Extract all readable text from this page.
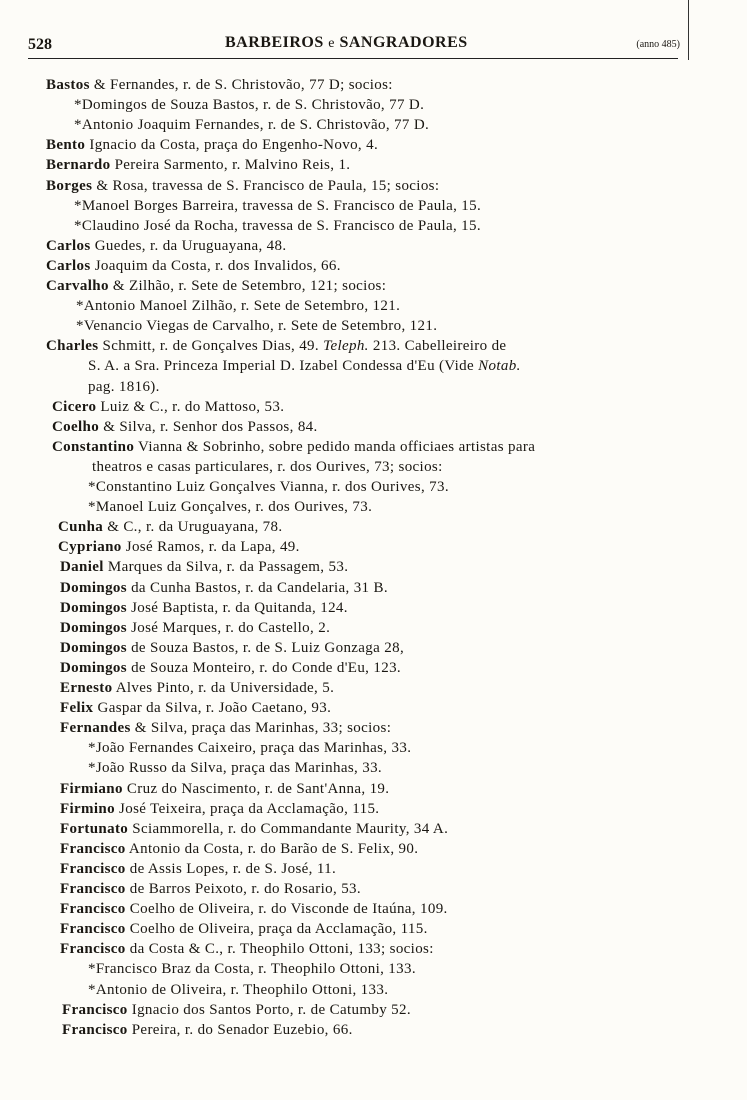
528	BARBEIROS e SANGRADORES	(anno 485)
Bastos & Fernandes, r. de S. Christovão, 77 D; socios:
*Domingos de Souza Bastos, r. de S. Christovão, 77 D.
*Antonio Joaquim Fernandes, r. de S. Christovão, 77 D.
Bento Ignacio da Costa, praça do Engenho-Novo, 4.
Bernardo Pereira Sarmento, r. Malvino Reis, 1.
Borges & Rosa, travessa de S. Francisco de Paula, 15; socios:
*Manoel Borges Barreira, travessa de S. Francisco de Paula, 15.
*Claudino José da Rocha, travessa de S. Francisco de Paula, 15.
Carlos Guedes, r. da Uruguayana, 48.
Carlos Joaquim da Costa, r. dos Invalidos, 66.
Carvalho & Zilhão, r. Sete de Setembro, 121; socios:
*Antonio Manoel Zilhão, r. Sete de Setembro, 121.
*Venancio Viegas de Carvalho, r. Sete de Setembro, 121.
Charles Schmitt, r. de Gonçalves Dias, 49. Teleph. 213. Cabelleireiro de
S. A. a Sra. Princeza Imperial D. Izabel Condessa d'Eu (Vide Notab.
pag. 1816).
Cicero Luiz & C., r. do Mattoso, 53.
Coelho & Silva, r. Senhor dos Passos, 84.
Constantino Vianna & Sobrinho, sobre pedido manda officiaes artistas para
theatros e casas particulares, r. dos Ourives, 73; socios:
*Constantino Luiz Gonçalves Vianna, r. dos Ourives, 73.
*Manoel Luiz Gonçalves, r. dos Ourives, 73.
Cunha & C., r. da Uruguayana, 78.
Cypriano José Ramos, r. da Lapa, 49.
Daniel Marques da Silva, r. da Passagem, 53.
Domingos da Cunha Bastos, r. da Candelaria, 31 B.
Domingos José Baptista, r. da Quitanda, 124.
Domingos José Marques, r. do Castello, 2.
Domingos de Souza Bastos, r. de S. Luiz Gonzaga 28,
Domingos de Souza Monteiro, r. do Conde d'Eu, 123.
Ernesto Alves Pinto, r. da Universidade, 5.
Felix Gaspar da Silva, r. João Caetano, 93.
Fernandes & Silva, praça das Marinhas, 33; socios:
*João Fernandes Caixeiro, praça das Marinhas, 33.
*João Russo da Silva, praça das Marinhas, 33.
Firmiano Cruz do Nascimento, r. de Sant'Anna, 19.
Firmino José Teixeira, praça da Acclamação, 115.
Fortunato Sciammorella, r. do Commandante Maurity, 34 A.
Francisco Antonio da Costa, r. do Barão de S. Felix, 90.
Francisco de Assis Lopes, r. de S. José, 11.
Francisco de Barros Peixoto, r. do Rosario, 53.
Francisco Coelho de Oliveira, r. do Visconde de Itaúna, 109.
Francisco Coelho de Oliveira, praça da Acclamação, 115.
Francisco da Costa & C., r. Theophilo Ottoni, 133; socios:
*Francisco Braz da Costa, r. Theophilo Ottoni, 133.
*Antonio de Oliveira, r. Theophilo Ottoni, 133.
Francisco Ignacio dos Santos Porto, r. de Catumby 52.
Francisco Pereira, r. do Senador Euzebio, 66.
